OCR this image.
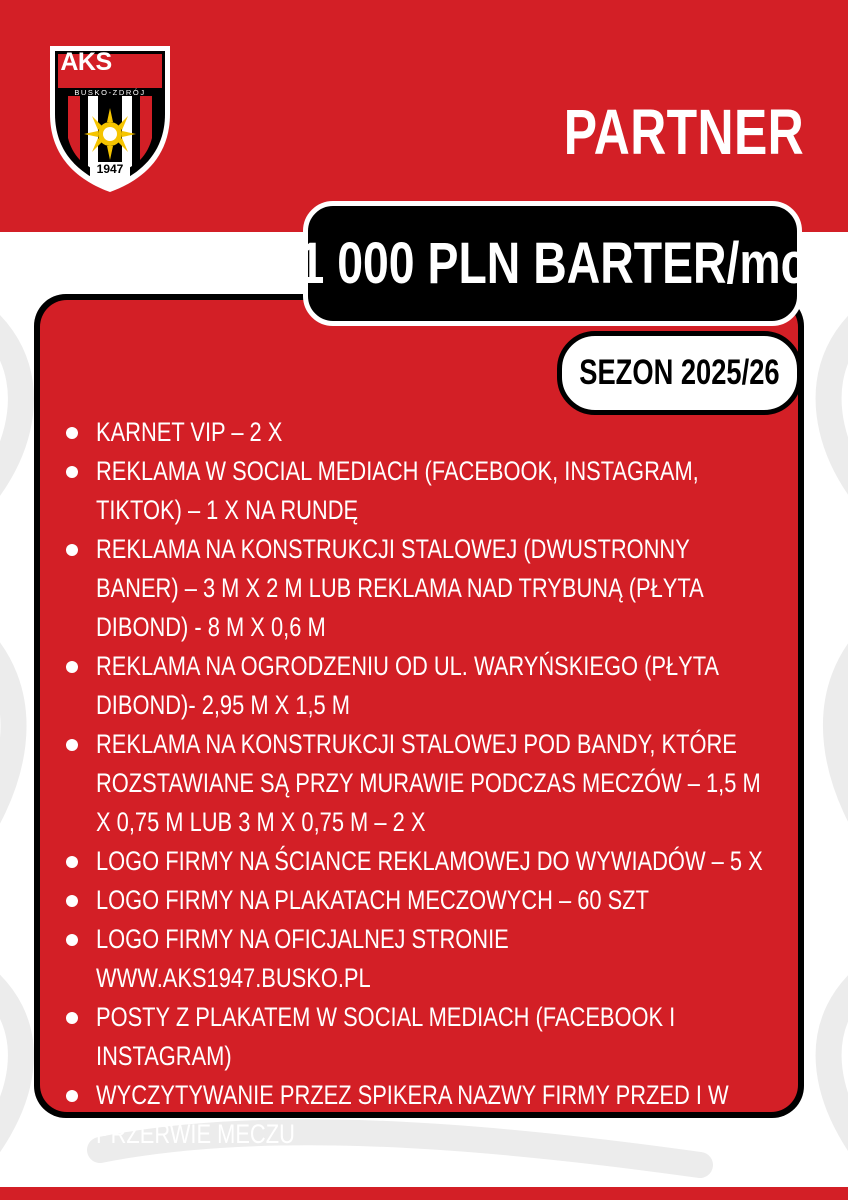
AKS
BUSKO-ZDRÓJ
1947
PARTNER
1 000 PLN BARTER/mc
SEZON 2025/26
KARNET VIP – 2 X
REKLAMA W SOCIAL MEDIACH (FACEBOOK, INSTAGRAM, TIKTOK) – 1 X NA RUNDĘ
REKLAMA NA KONSTRUKCJI STALOWEJ (DWUSTRONNY BANER) – 3 M X 2 M LUB REKLAMA NAD TRYBUNĄ (PŁYTA DIBOND) - 8 M X 0,6 M
REKLAMA NA OGRODZENIU OD UL. WARYŃSKIEGO (PŁYTA DIBOND)- 2,95 M X 1,5 M
REKLAMA NA KONSTRUKCJI STALOWEJ POD BANDY, KTÓRE ROZSTAWIANE SĄ PRZY MURAWIE PODCZAS MECZÓW – 1,5 M X 0,75 M LUB 3 M X 0,75 M – 2 X
LOGO FIRMY NA ŚCIANCE REKLAMOWEJ DO WYWIADÓW – 5 X
LOGO FIRMY NA PLAKATACH MECZOWYCH – 60 SZT
LOGO FIRMY NA OFICJALNEJ STRONIE WWW.AKS1947.BUSKO.PL
POSTY Z PLAKATEM W SOCIAL MEDIACH (FACEBOOK I INSTAGRAM)
WYCZYTYWANIE PRZEZ SPIKERA NAZWY FIRMY PRZED I W PRZERWIE MECZU
